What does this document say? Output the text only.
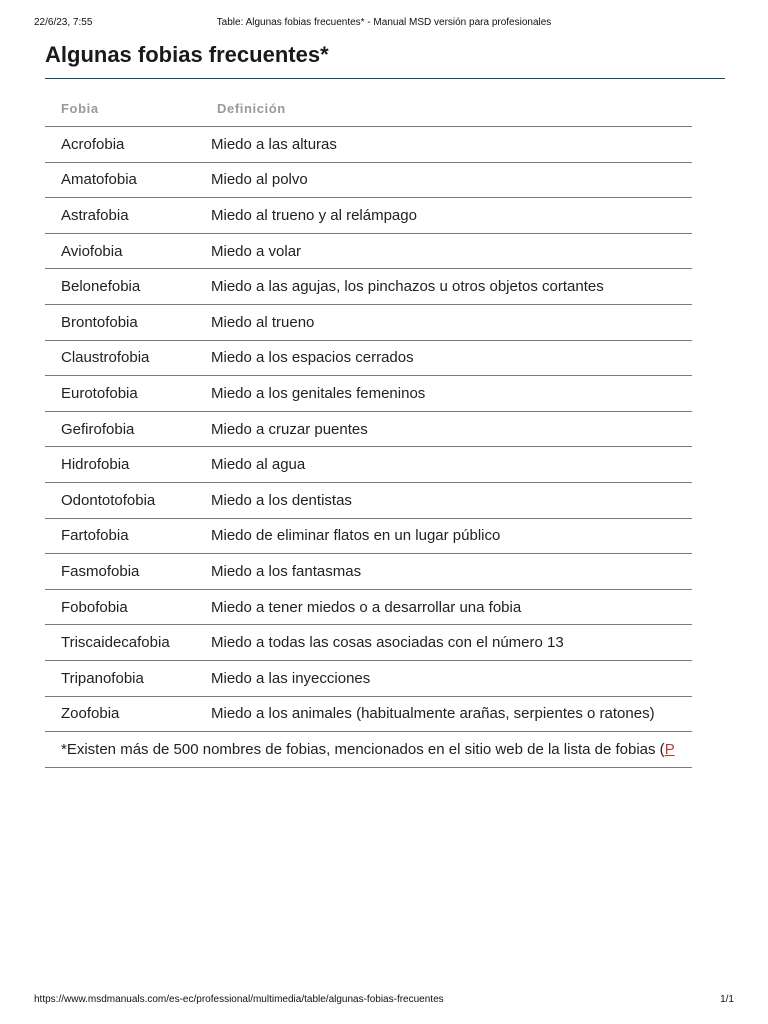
22/6/23, 7:55	Table: Algunas fobias frecuentes* - Manual MSD versión para profesionales
Algunas fobias frecuentes*
Fobia	Definición
Acrofobia	Miedo a las alturas
Amatofobia	Miedo al polvo
Astrafobia	Miedo al trueno y al relámpago
Aviofobia	Miedo a volar
Belonefobia	Miedo a las agujas, los pinchazos u otros objetos cortantes
Brontofobia	Miedo al trueno
Claustrofobia	Miedo a los espacios cerrados
Eurotofobia	Miedo a los genitales femeninos
Gefirofobia	Miedo a cruzar puentes
Hidrofobia	Miedo al agua
Odontotofobia	Miedo a los dentistas
Fartofobia	Miedo de eliminar flatos en un lugar público
Fasmofobia	Miedo a los fantasmas
Fobofobia	Miedo a tener miedos o a desarrollar una fobia
Triscaidecafobia	Miedo a todas las cosas asociadas con el número 13
Tripanofobia	Miedo a las inyecciones
Zoofobia	Miedo a los animales (habitualmente arañas, serpientes o ratones)
*Existen más de 500 nombres de fobias, mencionados en el sitio web de la lista de fobias (P	
https://www.msdmanuals.com/es-ec/professional/multimedia/table/algunas-fobias-frecuentes	1/1
